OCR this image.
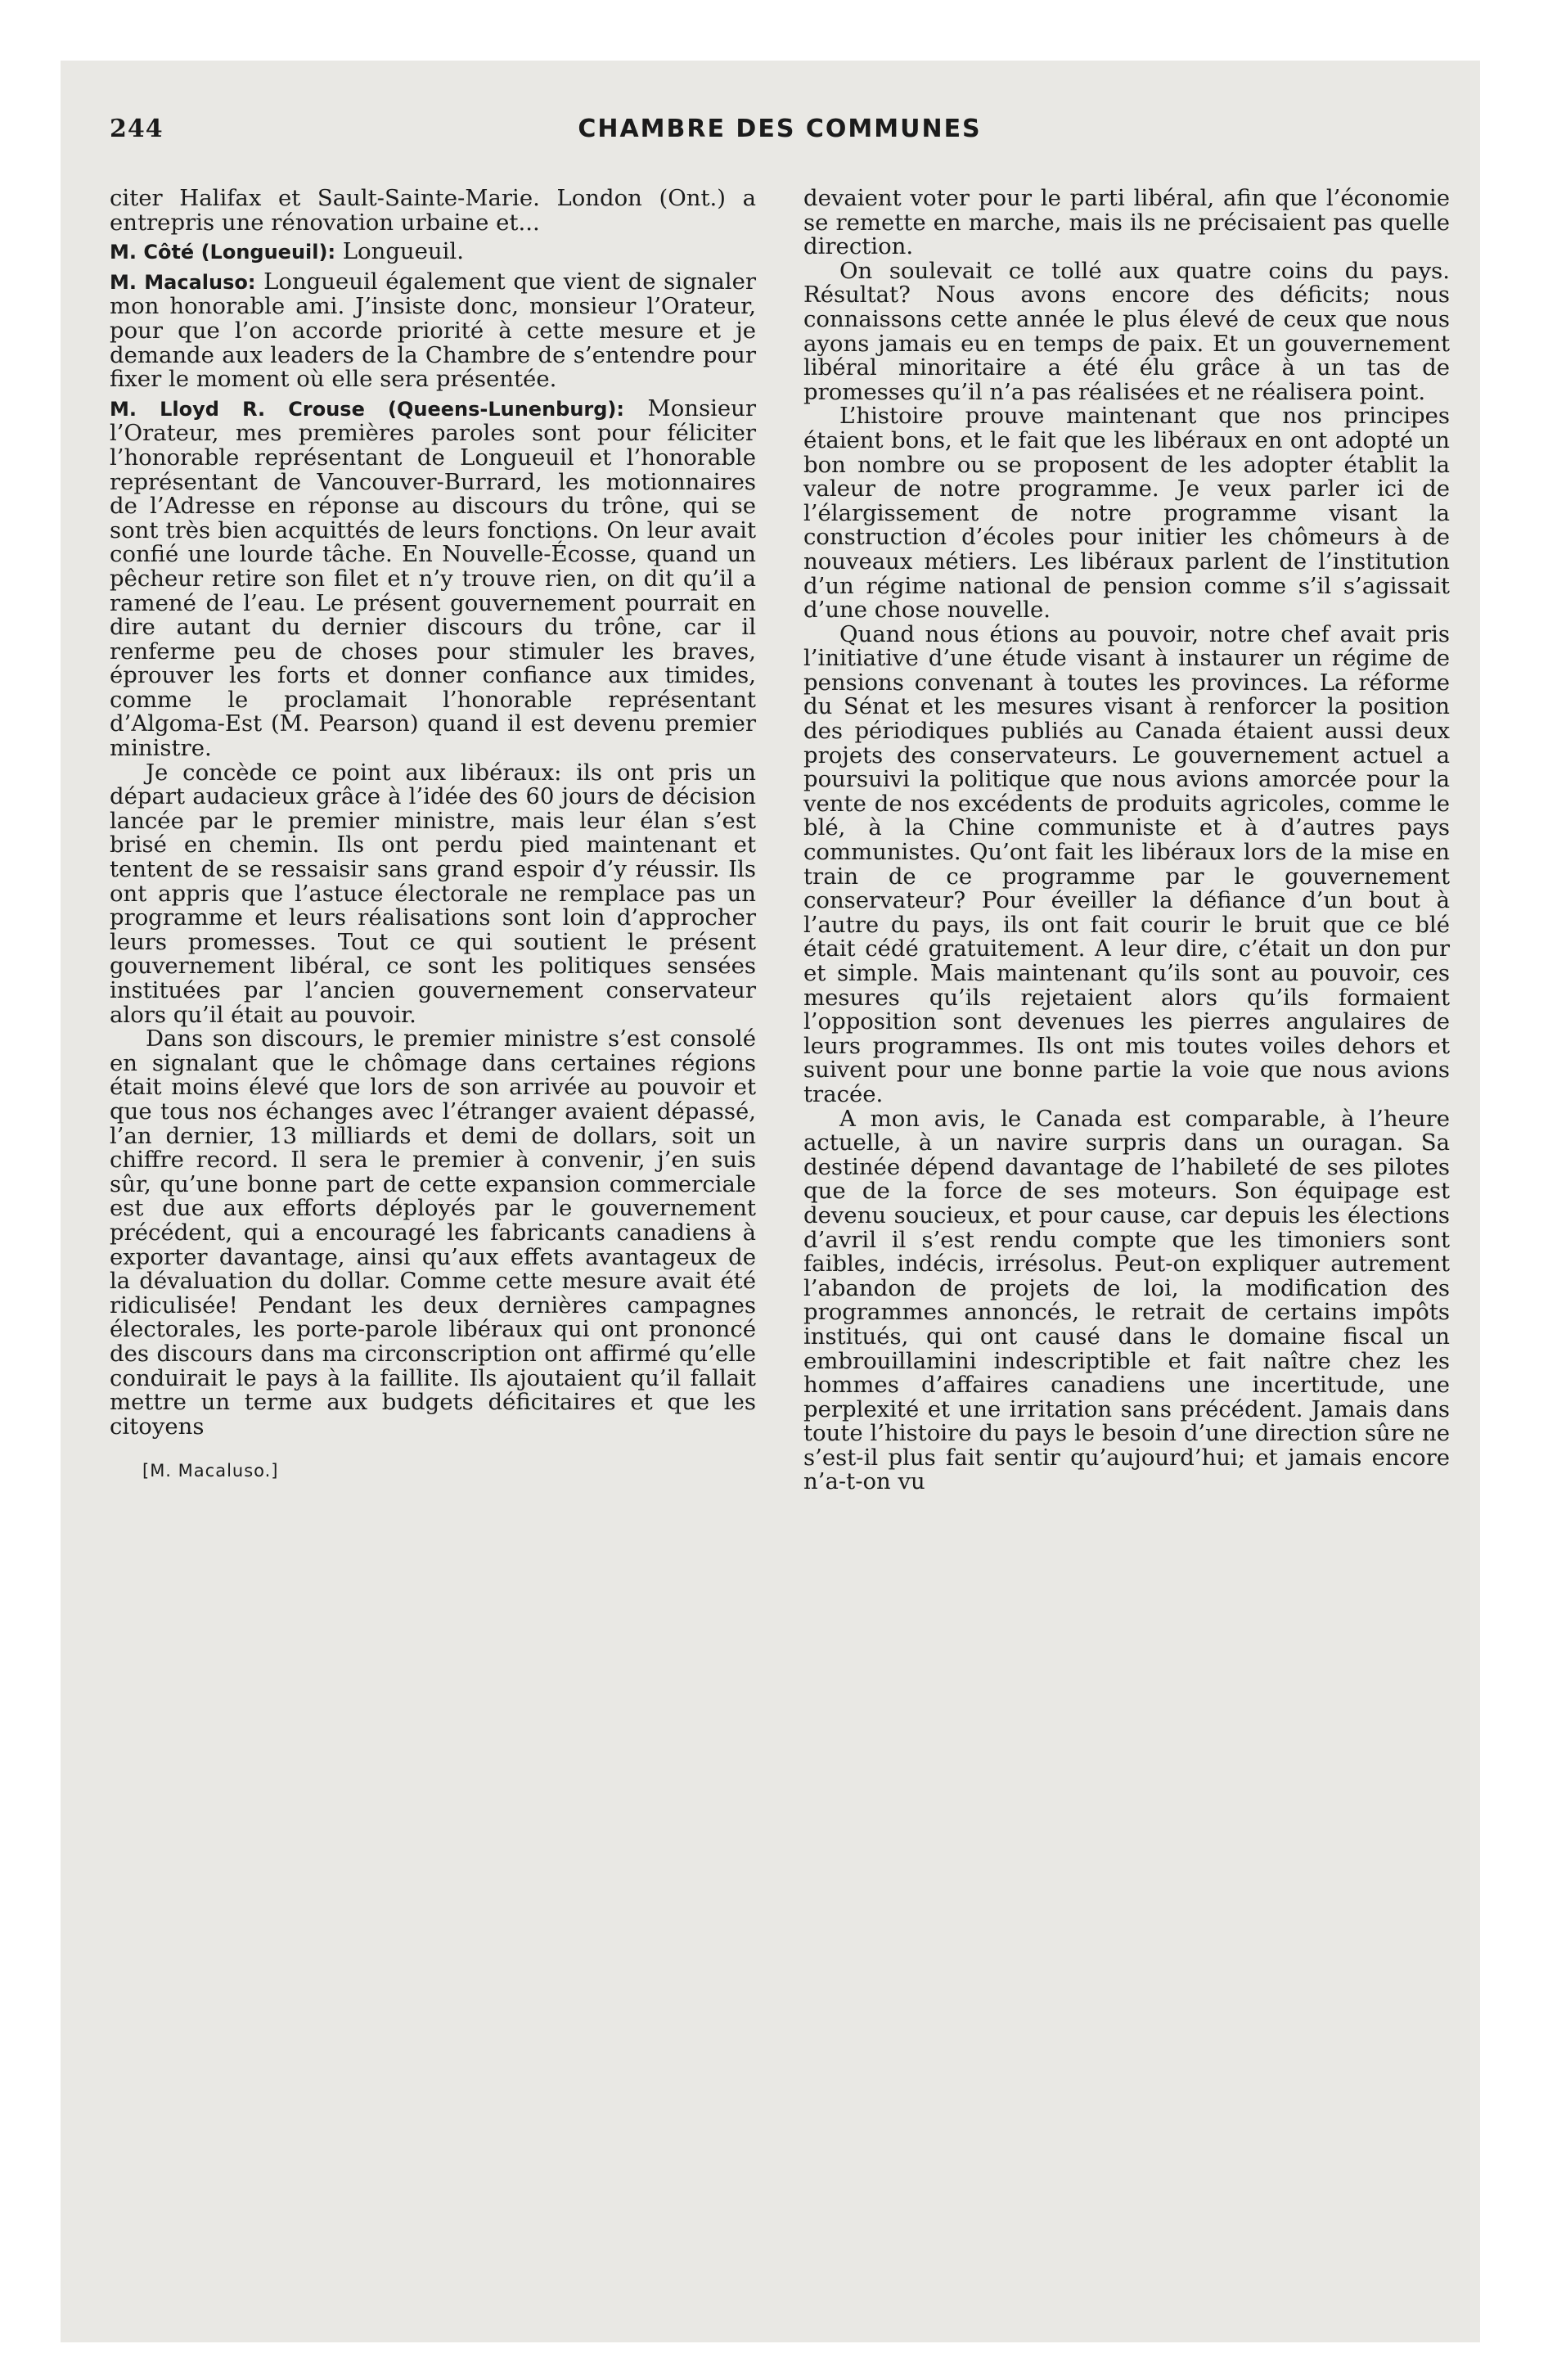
244	CHAMBRE DES COMMUNES

citer Halifax et Sault-Sainte-Marie. London (Ont.) a entrepris une rénovation urbaine et...

M. Côté (Longueuil): Longueuil.

M. Macaluso: Longueuil également que vient de signaler mon honorable ami. J’insiste donc, monsieur l’Orateur, pour que l’on accorde priorité à cette mesure et je demande aux leaders de la Chambre de s’entendre pour fixer le moment où elle sera présentée.

M. Lloyd R. Crouse (Queens-Lunenburg): Monsieur l’Orateur, mes premières paroles sont pour féliciter l’honorable représentant de Longueuil et l’honorable représentant de Vancouver-Burrard, les motionnaires de l’Adresse en réponse au discours du trône, qui se sont très bien acquittés de leurs fonctions. On leur avait confié une lourde tâche. En Nouvelle-Écosse, quand un pêcheur retire son filet et n’y trouve rien, on dit qu’il a ramené de l’eau. Le présent gouvernement pourrait en dire autant du dernier discours du trône, car il renferme peu de choses pour stimuler les braves, éprouver les forts et donner confiance aux timides, comme le proclamait l’honorable représentant d’Algoma-Est (M. Pearson) quand il est devenu premier ministre.

Je concède ce point aux libéraux: ils ont pris un départ audacieux grâce à l’idée des 60 jours de décision lancée par le premier ministre, mais leur élan s’est brisé en chemin. Ils ont perdu pied maintenant et tentent de se ressaisir sans grand espoir d’y réussir. Ils ont appris que l’astuce électorale ne remplace pas un programme et leurs réalisations sont loin d’approcher leurs promesses. Tout ce qui soutient le présent gouvernement libéral, ce sont les politiques sensées instituées par l’ancien gouvernement conservateur alors qu’il était au pouvoir.

Dans son discours, le premier ministre s’est consolé en signalant que le chômage dans certaines régions était moins élevé que lors de son arrivée au pouvoir et que tous nos échanges avec l’étranger avaient dépassé, l’an dernier, 13 milliards et demi de dollars, soit un chiffre record. Il sera le premier à convenir, j’en suis sûr, qu’une bonne part de cette expansion commerciale est due aux efforts déployés par le gouvernement précédent, qui a encouragé les fabricants canadiens à exporter davantage, ainsi qu’aux effets avantageux de la dévaluation du dollar. Comme cette mesure avait été ridiculisée! Pendant les deux dernières campagnes électorales, les porte-parole libéraux qui ont prononcé des discours dans ma circonscription ont affirmé qu’elle conduirait le pays à la faillite. Ils ajoutaient qu’il fallait mettre un terme aux budgets déficitaires et que les citoyens

[M. Macaluso.]

devaient voter pour le parti libéral, afin que l’économie se remette en marche, mais ils ne précisaient pas quelle direction.

On soulevait ce tollé aux quatre coins du pays. Résultat? Nous avons encore des déficits; nous connaissons cette année le plus élevé de ceux que nous ayons jamais eu en temps de paix. Et un gouvernement libéral minoritaire a été élu grâce à un tas de promesses qu’il n’a pas réalisées et ne réalisera point.

L’histoire prouve maintenant que nos principes étaient bons, et le fait que les libéraux en ont adopté un bon nombre ou se proposent de les adopter établit la valeur de notre programme. Je veux parler ici de l’élargissement de notre programme visant la construction d’écoles pour initier les chômeurs à de nouveaux métiers. Les libéraux parlent de l’institution d’un régime national de pension comme s’il s’agissait d’une chose nouvelle.

Quand nous étions au pouvoir, notre chef avait pris l’initiative d’une étude visant à instaurer un régime de pensions convenant à toutes les provinces. La réforme du Sénat et les mesures visant à renforcer la position des périodiques publiés au Canada étaient aussi deux projets des conservateurs. Le gouvernement actuel a poursuivi la politique que nous avions amorcée pour la vente de nos excédents de produits agricoles, comme le blé, à la Chine communiste et à d’autres pays communistes. Qu’ont fait les libéraux lors de la mise en train de ce programme par le gouvernement conservateur? Pour éveiller la défiance d’un bout à l’autre du pays, ils ont fait courir le bruit que ce blé était cédé gratuitement. A leur dire, c’était un don pur et simple. Mais maintenant qu’ils sont au pouvoir, ces mesures qu’ils rejetaient alors qu’ils formaient l’opposition sont devenues les pierres angulaires de leurs programmes. Ils ont mis toutes voiles dehors et suivent pour une bonne partie la voie que nous avions tracée.

A mon avis, le Canada est comparable, à l’heure actuelle, à un navire surpris dans un ouragan. Sa destinée dépend davantage de l’habileté de ses pilotes que de la force de ses moteurs. Son équipage est devenu soucieux, et pour cause, car depuis les élections d’avril il s’est rendu compte que les timoniers sont faibles, indécis, irrésolus. Peut-on expliquer autrement l’abandon de projets de loi, la modification des programmes annoncés, le retrait de certains impôts institués, qui ont causé dans le domaine fiscal un embrouillamini indescriptible et fait naître chez les hommes d’affaires canadiens une incertitude, une perplexité et une irritation sans précédent. Jamais dans toute l’histoire du pays le besoin d’une direction sûre ne s’est-il plus fait sentir qu’aujourd’hui; et jamais encore n’a-t-on vu
